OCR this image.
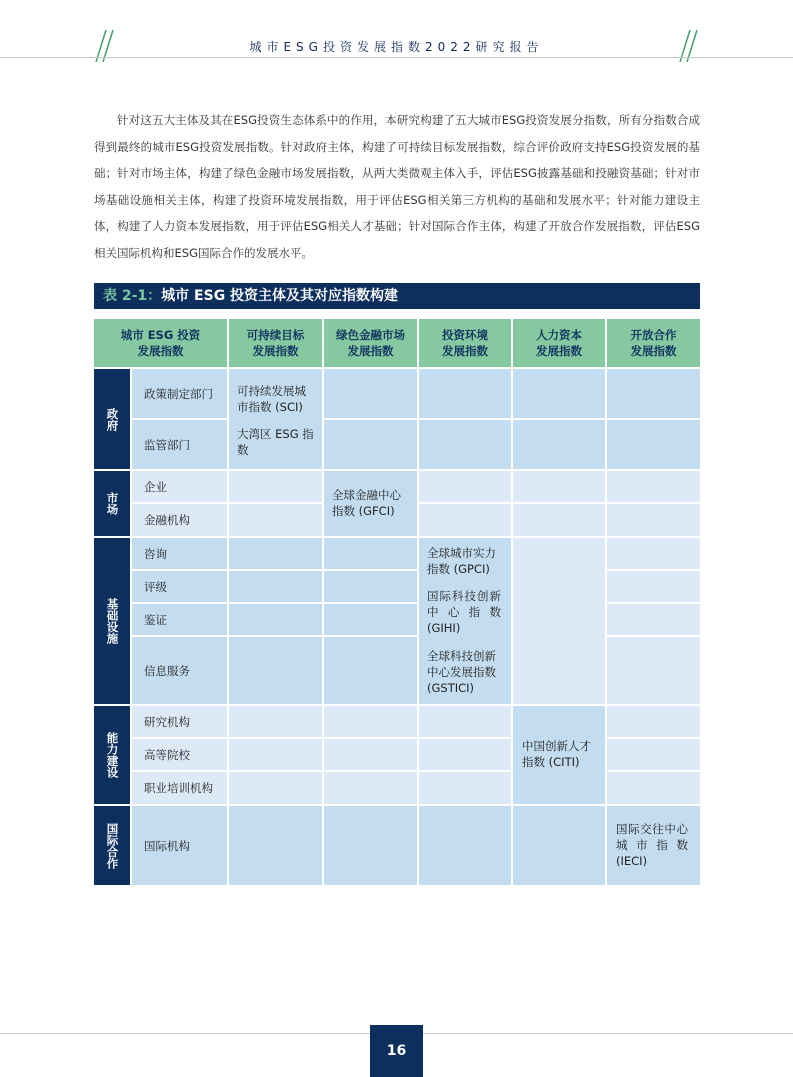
城市ESG投资发展指数2022研究报告

针对这五大主体及其在ESG投资生态体系中的作用，本研究构建了五大城市ESG投资发展分指数，所有分指数合成得到最终的城市ESG投资发展指数。针对政府主体，构建了可持续目标发展指数，综合评价政府支持ESG投资发展的基础；针对市场主体，构建了绿色金融市场发展指数，从两大类微观主体入手，评估ESG披露基础和投融资基础；针对市场基础设施相关主体，构建了投资环境发展指数，用于评估ESG相关第三方机构的基础和发展水平；针对能力建设主体，构建了人力资本发展指数，用于评估ESG相关人才基础；针对国际合作主体，构建了开放合作发展指数，评估ESG相关国际机构和ESG国际合作的发展水平。

表 2-1：城市 ESG 投资主体及其对应指数构建
城市 ESG 投资
发展指数
可持续目标
发展指数
绿色金融市场
发展指数
投资环境
发展指数
人力资本
发展指数
开放合作
发展指数
政府
市场
基础设施
能力建设
国际合作
政策制定部门
监管部门
企业
金融机构
咨询
评级
鉴证
信息服务
研究机构
高等院校
职业培训机构
国际机构
可持续发展城市指数 (SCI)
大湾区 ESG 指数
全球金融中心指数 (GFCI)
全球城市实力指数 (GPCI)
国际科技创新中心指数 (GIHI)
全球科技创新中心发展指数 (GSTICI)
中国创新人才指数 (CITI)
国际交往中心城市指数 (IECI)
16
